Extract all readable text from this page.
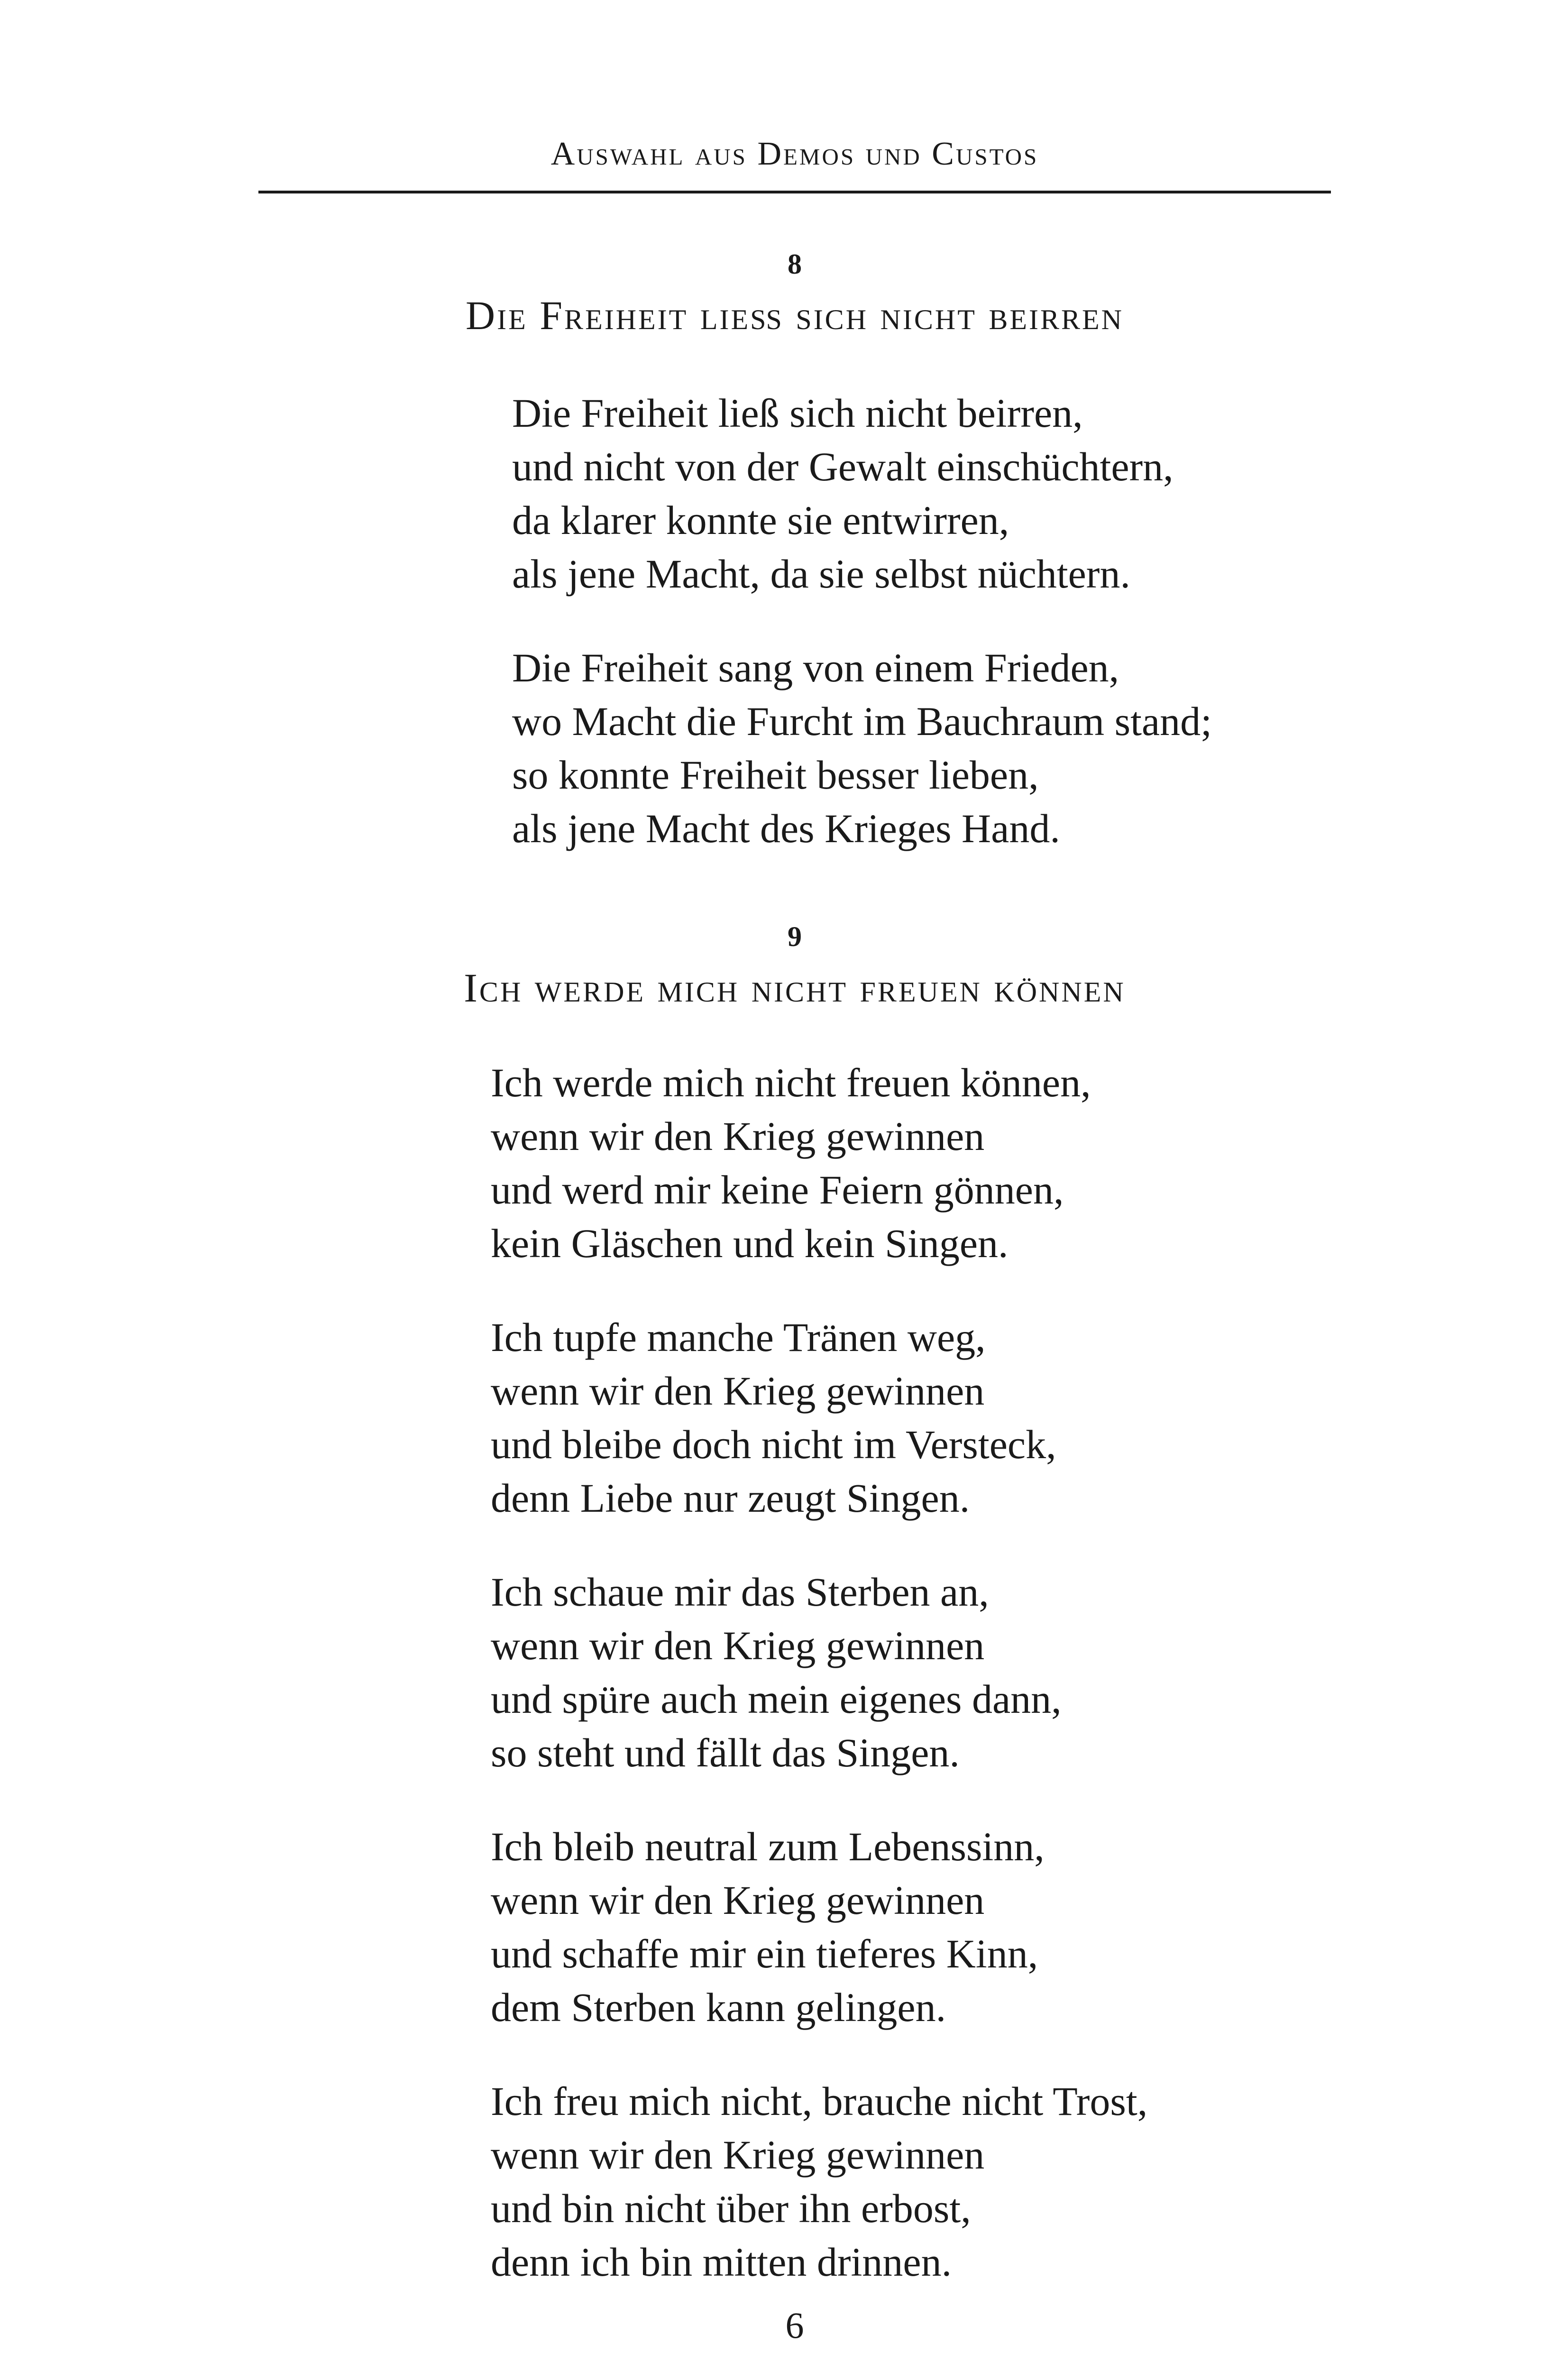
Auswahl aus Demos und Custos
8
Die Freiheit ließ sich nicht beirren
Die Freiheit ließ sich nicht beirren,
und nicht von der Gewalt einschüchtern,
da klarer konnte sie entwirren,
als jene Macht, da sie selbst nüchtern.
Die Freiheit sang von einem Frieden,
wo Macht die Furcht im Bauchraum stand;
so konnte Freiheit besser lieben,
als jene Macht des Krieges Hand.
9
Ich werde mich nicht freuen können
Ich werde mich nicht freuen können,
wenn wir den Krieg gewinnen
und werd mir keine Feiern gönnen,
kein Gläschen und kein Singen.
Ich tupfe manche Tränen weg,
wenn wir den Krieg gewinnen
und bleibe doch nicht im Versteck,
denn Liebe nur zeugt Singen.
Ich schaue mir das Sterben an,
wenn wir den Krieg gewinnen
und spüre auch mein eigenes dann,
so steht und fällt das Singen.
Ich bleib neutral zum Lebenssinn,
wenn wir den Krieg gewinnen
und schaffe mir ein tieferes Kinn,
dem Sterben kann gelingen.
Ich freu mich nicht, brauche nicht Trost,
wenn wir den Krieg gewinnen
und bin nicht über ihn erbost,
denn ich bin mitten drinnen.
6
